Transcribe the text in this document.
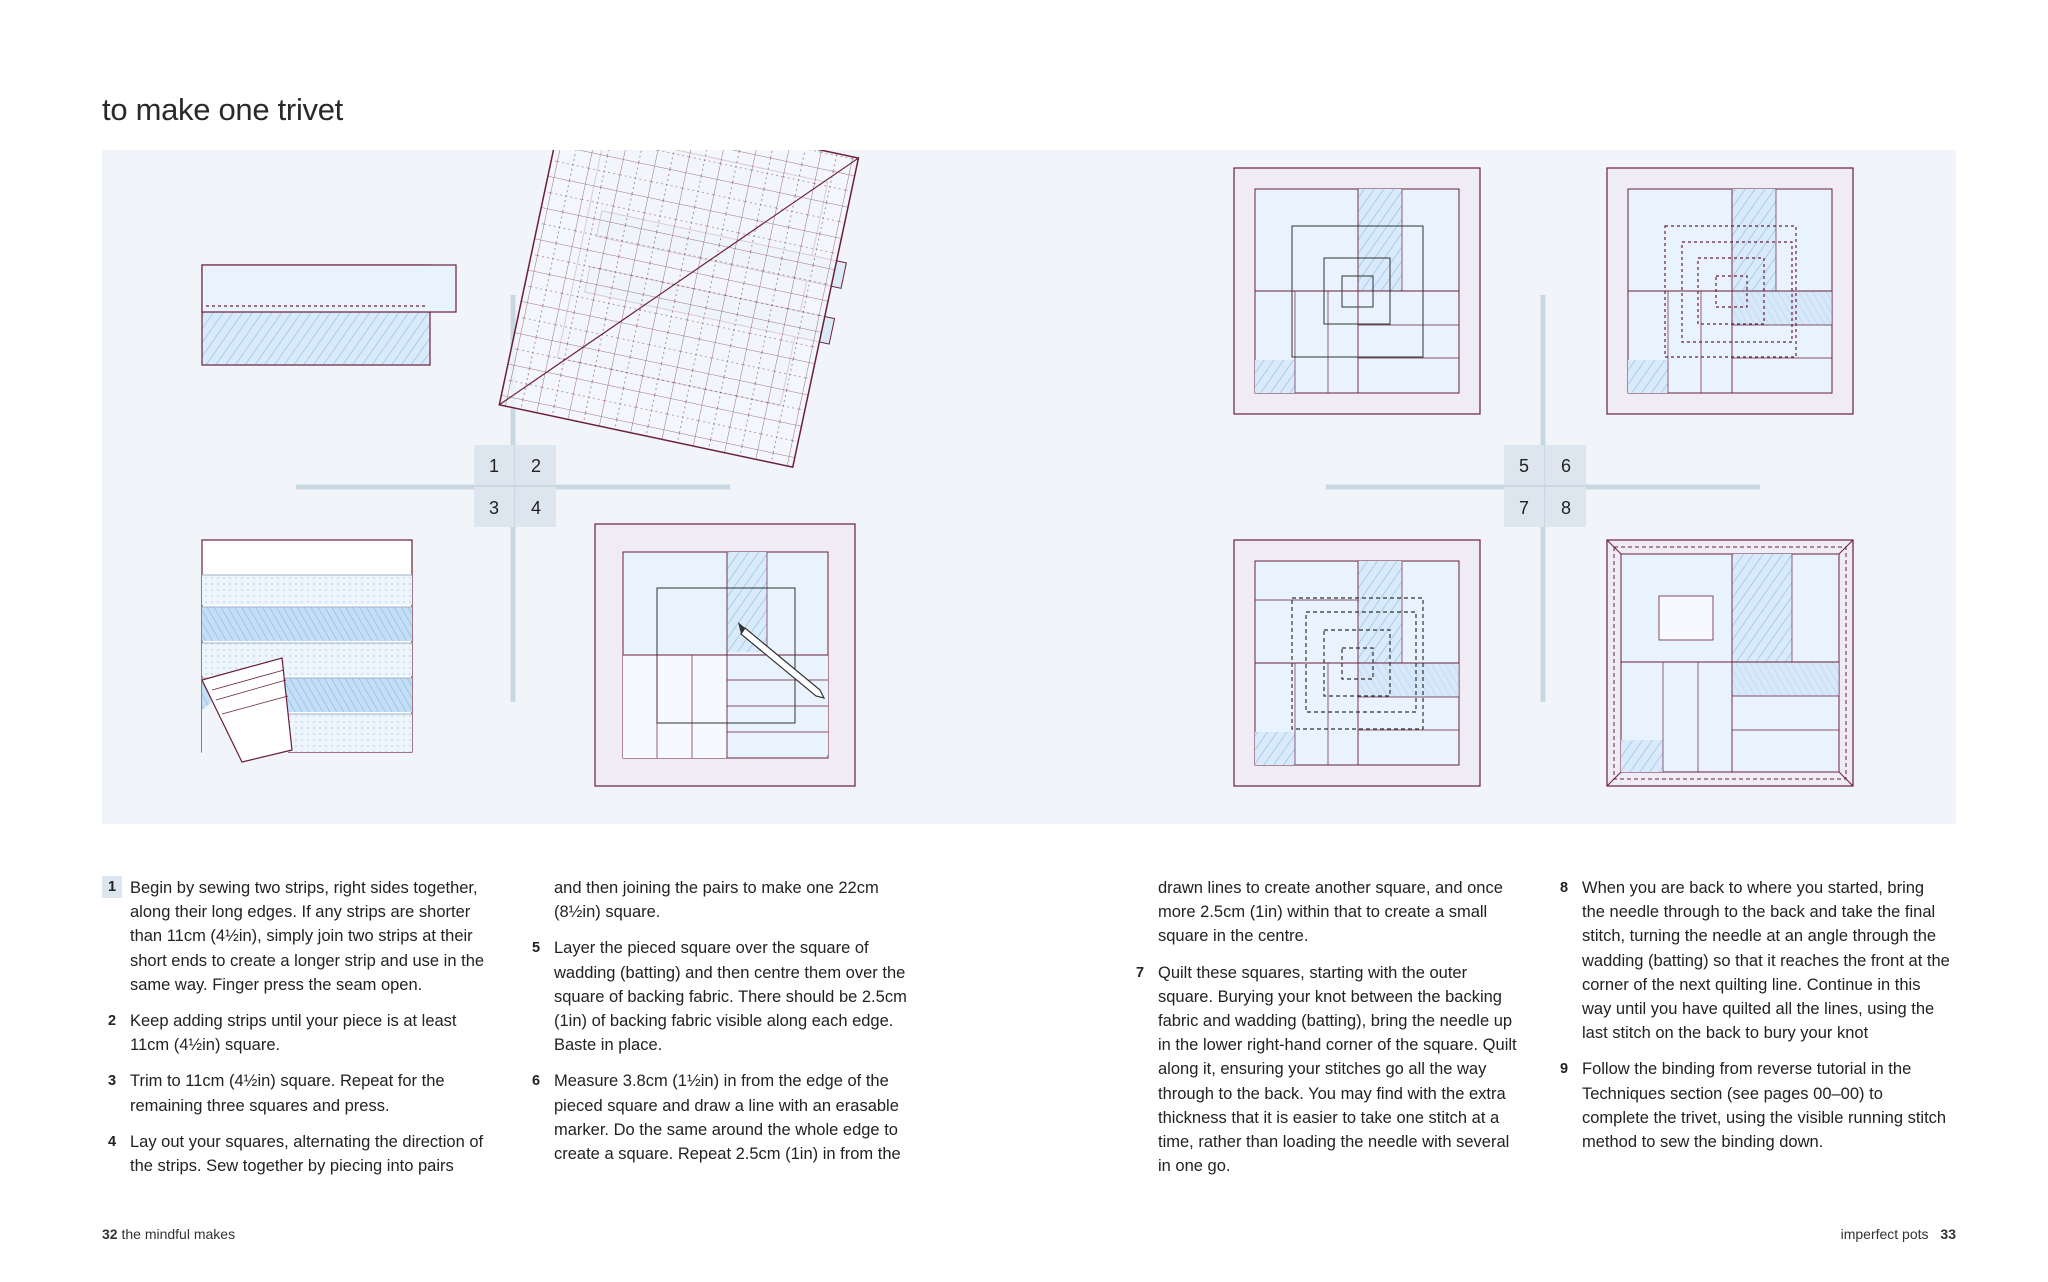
to make one trivet
1 2
3 4
5 6
7 8
1 Begin by sewing two strips, right sides together, along their long edges. If any strips are shorter than 11cm (4½in), simply join two strips at their short ends to create a longer strip and use in the same way. Finger press the seam open.
2 Keep adding strips until your piece is at least 11cm (4½in) square.
3 Trim to 11cm (4½in) square. Repeat for the remaining three squares and press.
4 Lay out your squares, alternating the direction of the strips. Sew together by piecing into pairs
and then joining the pairs to make one 22cm (8½in) square.
5 Layer the pieced square over the square of wadding (batting) and then centre them over the square of backing fabric. There should be 2.5cm (1in) of backing fabric visible along each edge. Baste in place.
6 Measure 3.8cm (1½in) in from the edge of the pieced square and draw a line with an erasable marker. Do the same around the whole edge to create a square. Repeat 2.5cm (1in) in from the
drawn lines to create another square, and once more 2.5cm (1in) within that to create a small square in the centre.
7 Quilt these squares, starting with the outer square. Burying your knot between the backing fabric and wadding (batting), bring the needle up in the lower right-hand corner of the square. Quilt along it, ensuring your stitches go all the way through to the back. You may find with the extra thickness that it is easier to take one stitch at a time, rather than loading the needle with several in one go.
8 When you are back to where you started, bring the needle through to the back and take the final stitch, turning the needle at an angle through the wadding (batting) so that it reaches the front at the corner of the next quilting line. Continue in this way until you have quilted all the lines, using the last stitch on the back to bury your knot
9 Follow the binding from reverse tutorial in the Techniques section (see pages 00–00) to complete the trivet, using the visible running stitch method to sew the binding down.
32 the mindful makes	imperfect pots 33
